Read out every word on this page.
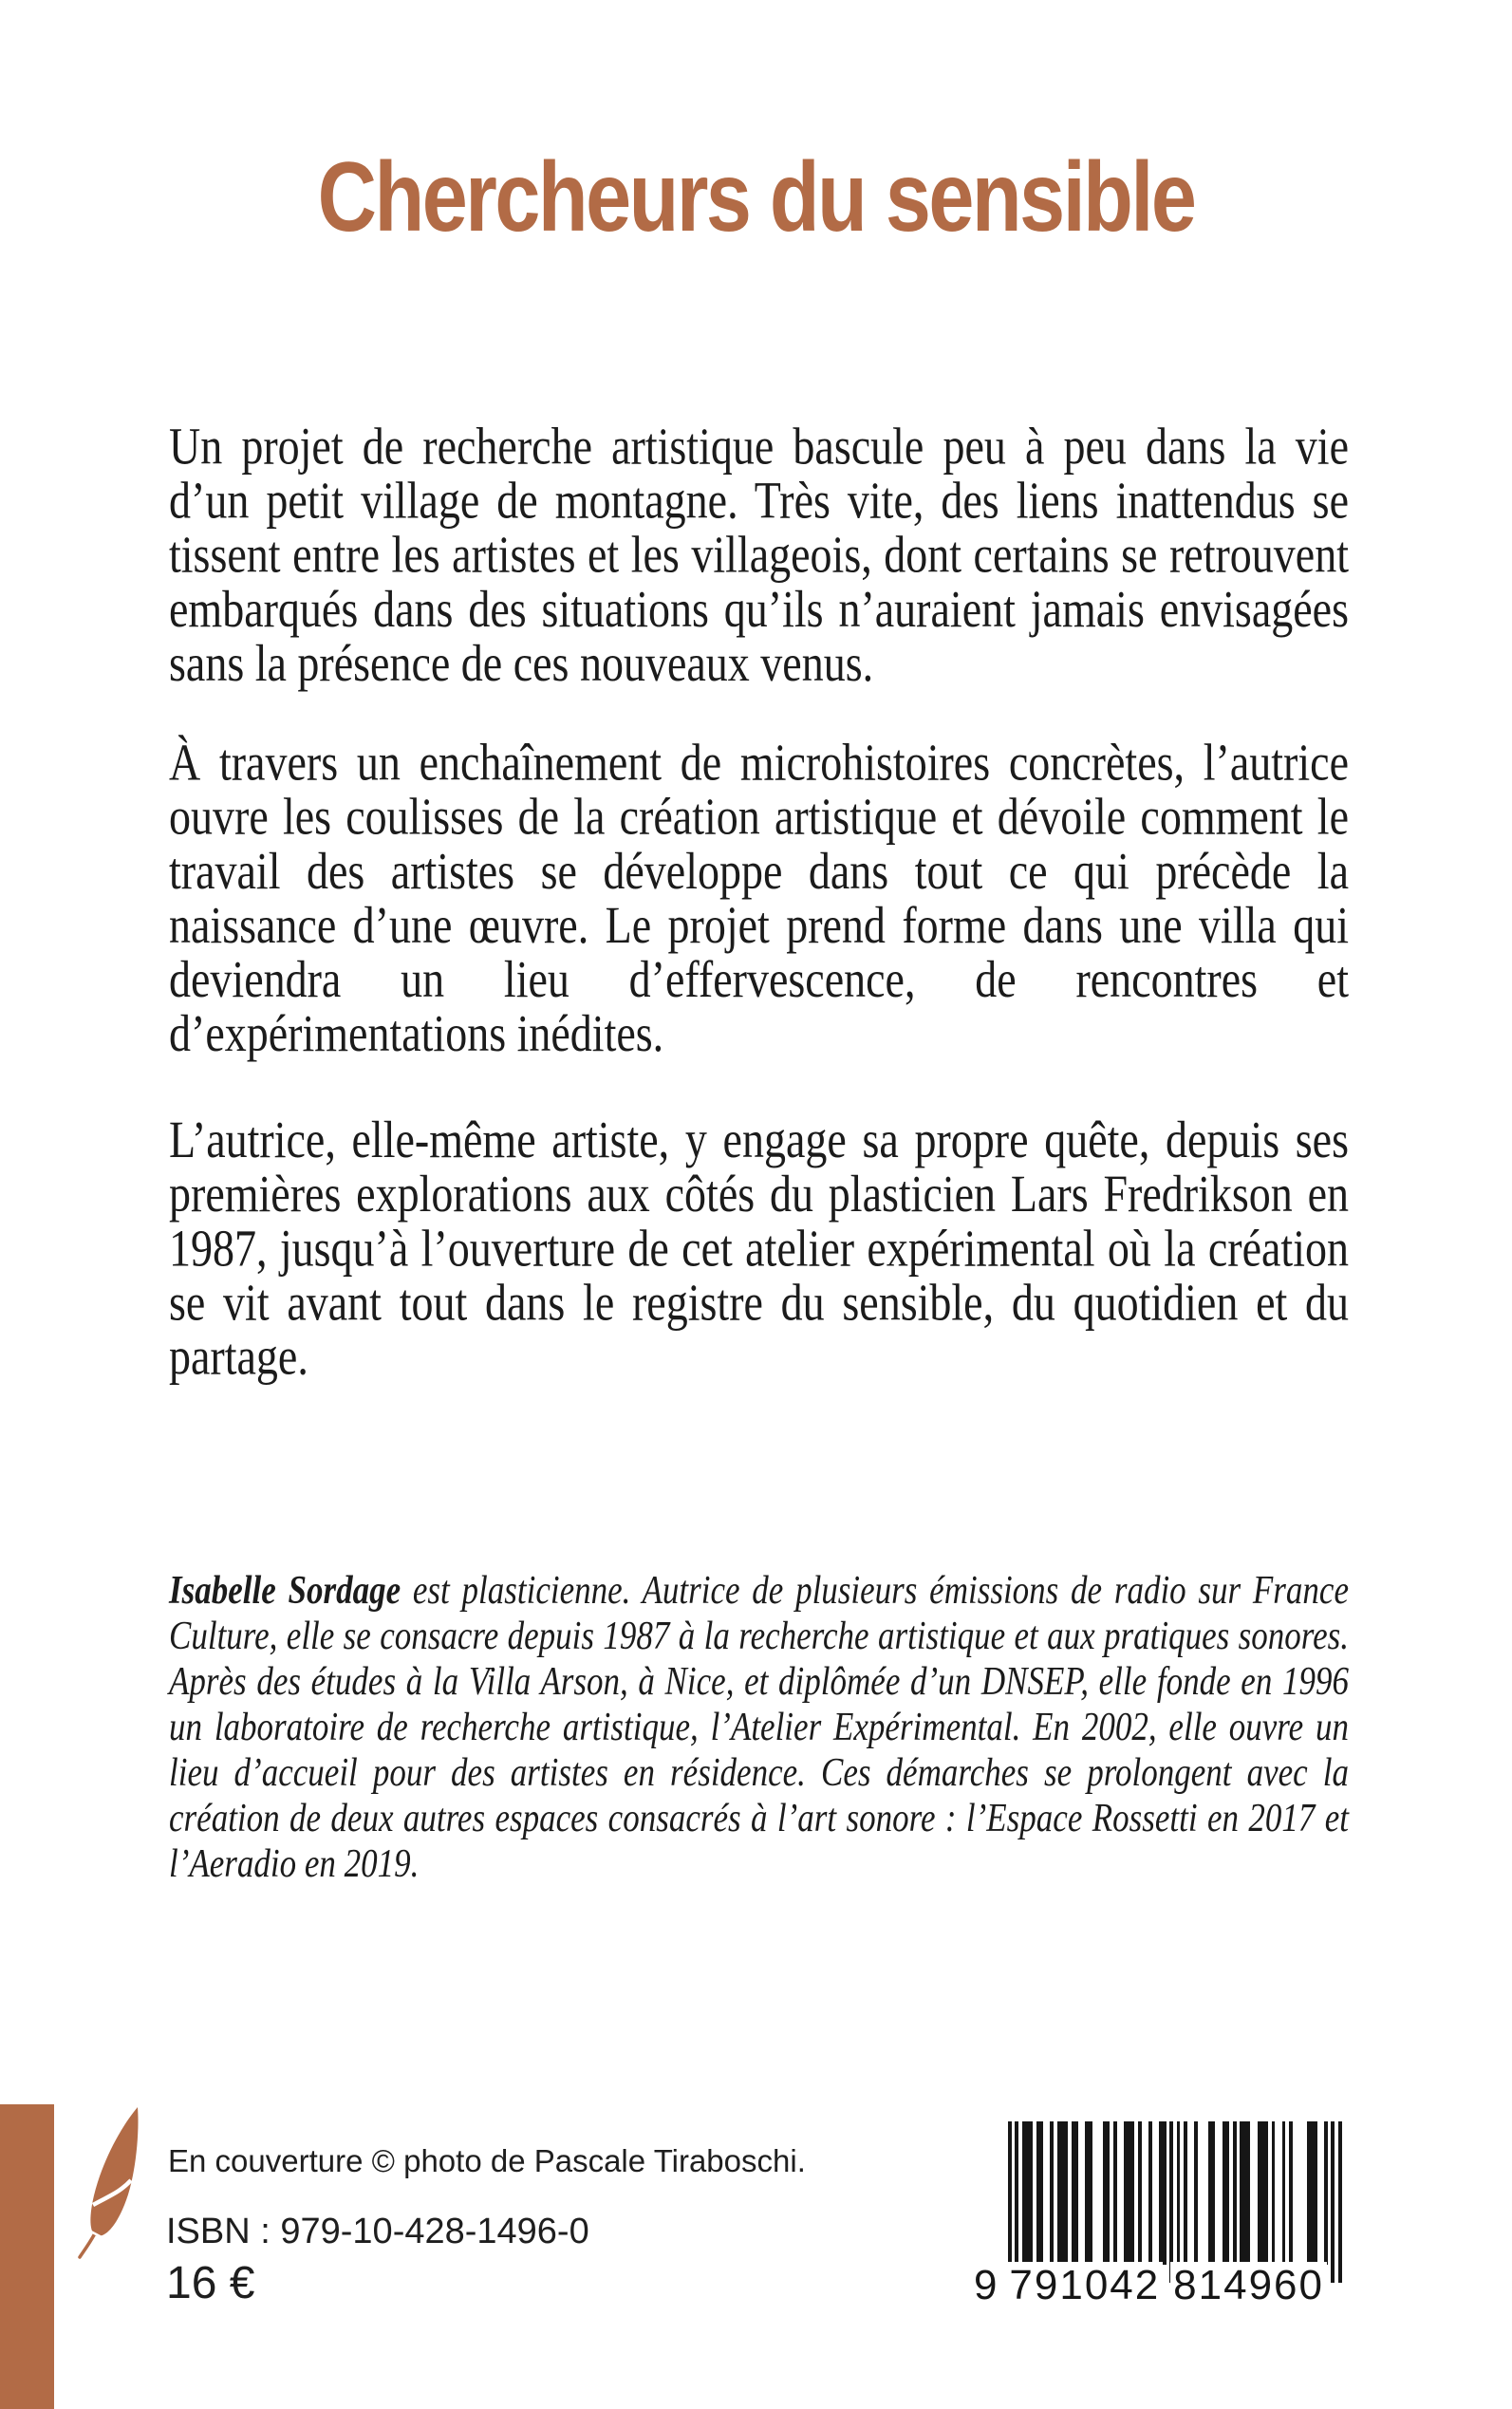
Chercheurs du sensible

Un projet de recherche artistique bascule peu à peu dans la vie d’un petit village de montagne. Très vite, des liens inattendus se tissent entre les artistes et les villageois, dont certains se retrouvent embarqués dans des situations qu’ils n’auraient jamais envisagées sans la présence de ces nouveaux venus.

À travers un enchaînement de microhistoires concrètes, l’autrice ouvre les coulisses de la création artistique et dévoile comment le travail des artistes se développe dans tout ce qui précède la naissance d’une œuvre. Le projet prend forme dans une villa qui deviendra un lieu d’effervescence, de rencontres et d’expérimentations inédites.

L’autrice, elle-même artiste, y engage sa propre quête, depuis ses premières explorations aux côtés du plasticien Lars Fredrikson en 1987, jusqu’à l’ouverture de cet atelier expérimental où la création se vit avant tout dans le registre du sensible, du quotidien et du partage.

Isabelle Sordage est plasticienne. Autrice de plusieurs émissions de radio sur France Culture, elle se consacre depuis 1987 à la recherche artistique et aux pratiques sonores. Après des études à la Villa Arson, à Nice, et diplômée d’un DNSEP, elle fonde en 1996 un laboratoire de recherche artistique, l’Atelier Expérimental. En 2002, elle ouvre un lieu d’accueil pour des artistes en résidence. Ces démarches se prolongent avec la création de deux autres espaces consacrés à l’art sonore : l’Espace Rossetti en 2017 et l’Aeradio en 2019.

En couverture © photo de Pascale Tiraboschi.
ISBN : 979-10-428-1496-0
16 €	9 791042 814960
